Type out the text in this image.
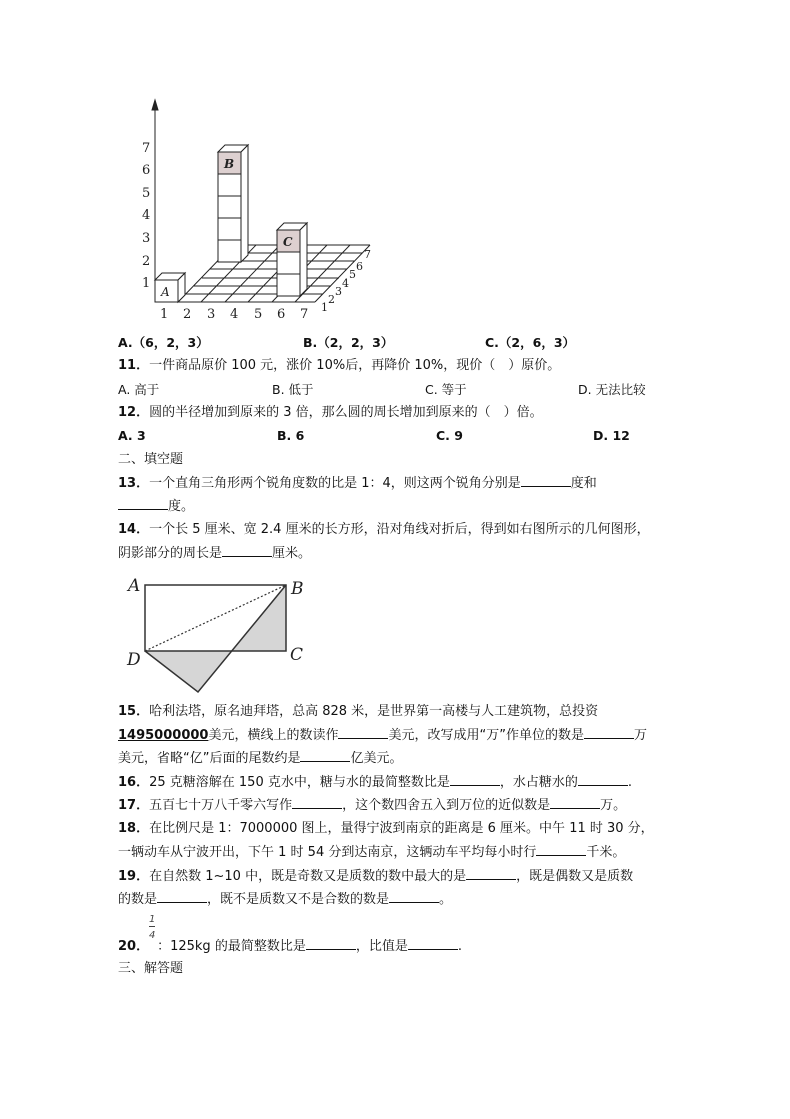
1
2
3
4
5
6
7
1 2 3 4 5 6 7 1
2
3
4
5
6
7
A
B
C
A.（6，2，3）	B.（2，2，3）	C.（2，6，3）
11．一件商品原价 100 元，涨价 10%后，再降价 10%，现价（　）原价。
A. 高于	B. 低于	C. 等于	D. 无法比较
12．圆的半径增加到原来的 3 倍，那么圆的周长增加到原来的（　）倍。
A. 3	B. 6	C. 9	D. 12
二、填空题
13．一个直角三角形两个锐角度数的比是 1：4，则这两个锐角分别是	度和
度。
14．一个长 5 厘米、宽 2.4 厘米的长方形，沿对角线对折后，得到如右图所示的几何图形，
阴影部分的周长是	厘米。
A	B
C
D
15．哈利法塔，原名迪拜塔，总高 828 米，是世界第一高楼与人工建筑物，总投资
1495000000美元，横线上的数读作	美元，改写成用“万”作单位的数是	万
美元，省略“亿”后面的尾数约是	亿美元。
16．25 克糖溶解在 150 克水中，糖与水的最简整数比是	，水占糖水的	.
17．五百七十万八千零六写作	，这个数四舍五入到万位的近似数是	万。
18．在比例尺是 1：7000000 图上，量得宁波到南京的距离是 6 厘米。中午 11 时 30 分，
一辆动车从宁波开出，下午 1 时 54 分到达南京，这辆动车平均每小时行	千米。
19．在自然数 1~10 中，既是奇数又是质数的数中最大的是	，既是偶数又是质数
的数是	，既不是质数又不是合数的数是	。
1
4
20． ：125kg 的最简整数比是	，比值是	.
三、解答题
